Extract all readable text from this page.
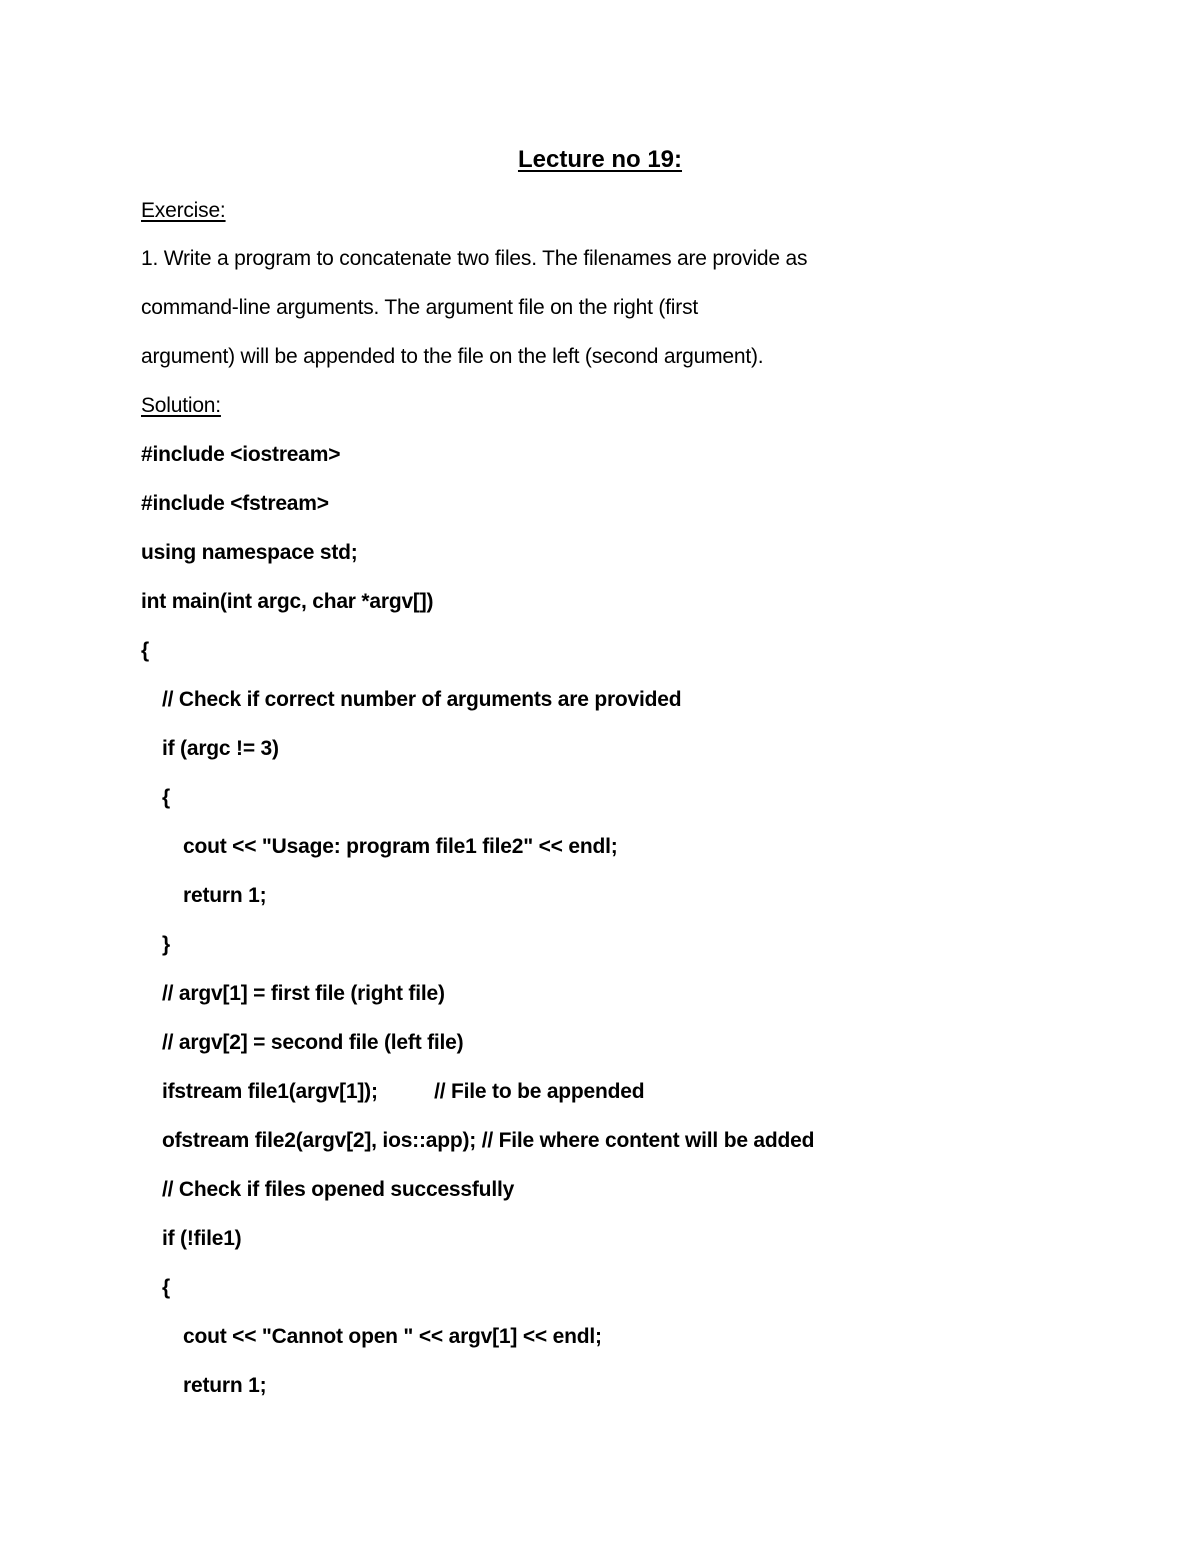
Lecture no 19:
Exercise:
1. Write a program to concatenate two files. The filenames are provide as
command-line arguments. The argument file on the right (first
argument) will be appended to the file on the left (second argument).
Solution:
#include <iostream>
#include <fstream>
using namespace std;
int main(int argc, char *argv[])
{
// Check if correct number of arguments are provided
if (argc != 3)
{
cout << "Usage: program file1 file2" << endl;
return 1;
}
// argv[1] = first file (right file)
// argv[2] = second file (left file)
ifstream file1(argv[1]);          // File to be appended
ofstream file2(argv[2], ios::app); // File where content will be added
// Check if files opened successfully
if (!file1)
{
cout << "Cannot open " << argv[1] << endl;
return 1;
